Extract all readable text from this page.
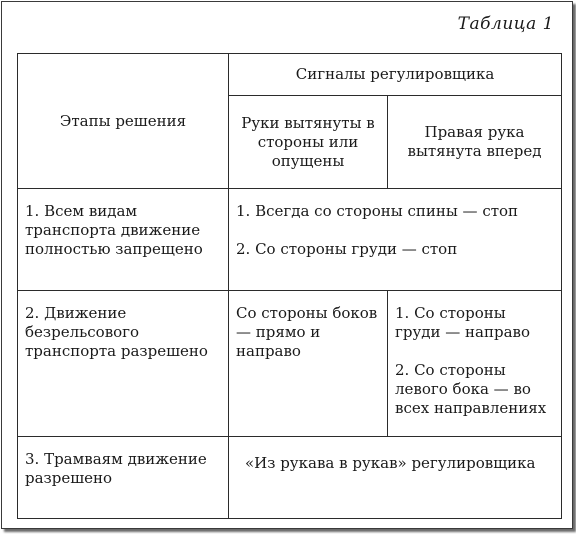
Таблица 1
Этапы решения	Сигналы регулировщика	
	Руки вытянуты в стороны или опущены	Правая рука вытянута вперед
1. Всем видам транспорта движение полностью запрещено	1. Всегда со стороны спины — стоп

2. Со стороны груди — стоп	

2. Движение безрельсового транспорта разрешено	Со стороны боков — прямо и направо	1. Со стороны груди — направо

2. Со стороны левого бока — во всех направлениях

3. Трамваям движение разрешено	«Из рукава в рукав» регулировщика	
